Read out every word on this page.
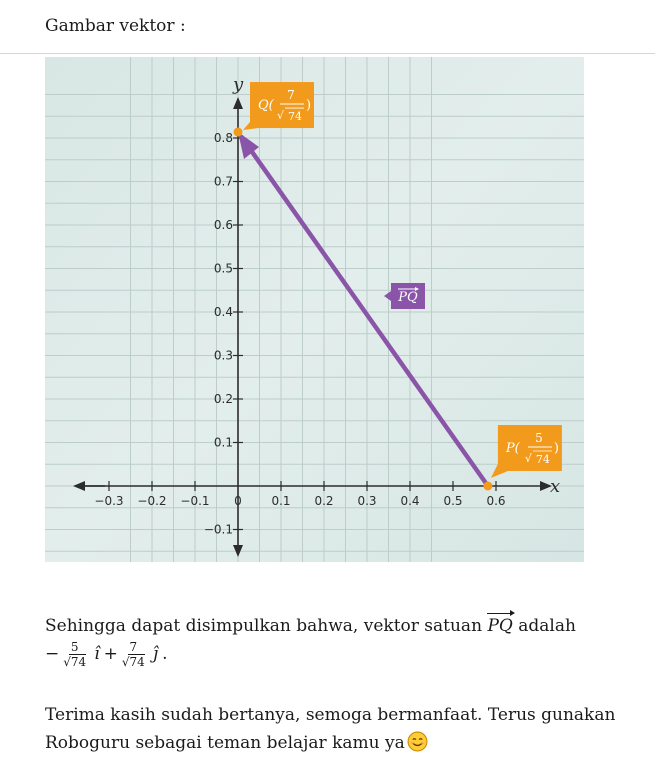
Gambar vektor :
x
y
−0.3 −0.2 −0.1 0 0.1 0.2 0.3 0.4 0.5 0.6
0.1
0.2
0.3
0.4
0.5
0.6
0.7
0.8
−0.1
Q(
7
√ 74
)
P(
5
√ 74
)
PQ

Sehingga dapat disimpulkan bahwa, vektor satuan PQ adalah
− 5
√ 74 ı̂ + 7
√ 74 ȷ̂ .

Terima kasih sudah bertanya, semoga bermanfaat. Terus gunakan Roboguru sebagai teman belajar kamu ya
